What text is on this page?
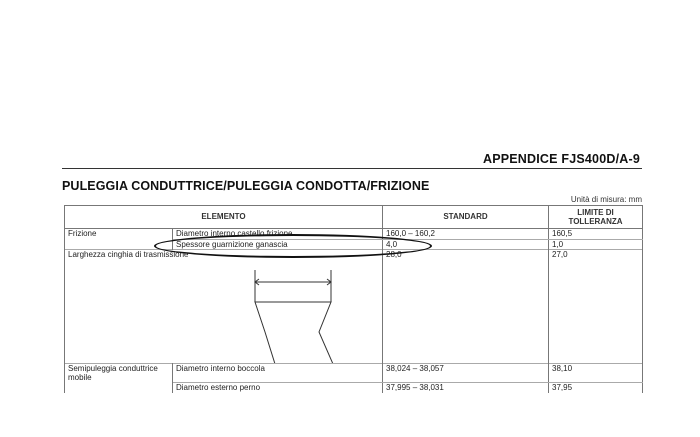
APPENDICE FJS400D/A-9
PULEGGIA CONDUTTRICE/PULEGGIA CONDOTTA/FRIZIONE
Unità di misura: mm
ELEMENTO		STANDARD	LIMITE DI TOLLERANZA
Frizione	Diametro interno castello frizione	160,0 – 160,2	160,5
	Spessore guarnizione ganascia	4,0	1,0
Larghezza cinghia di trasmissione		28,0	27,0

Semipuleggia conduttrice mobile	Diametro interno boccola	38,024 – 38,057	38,10
	Diametro esterno perno	37,995 – 38,031	37,95
